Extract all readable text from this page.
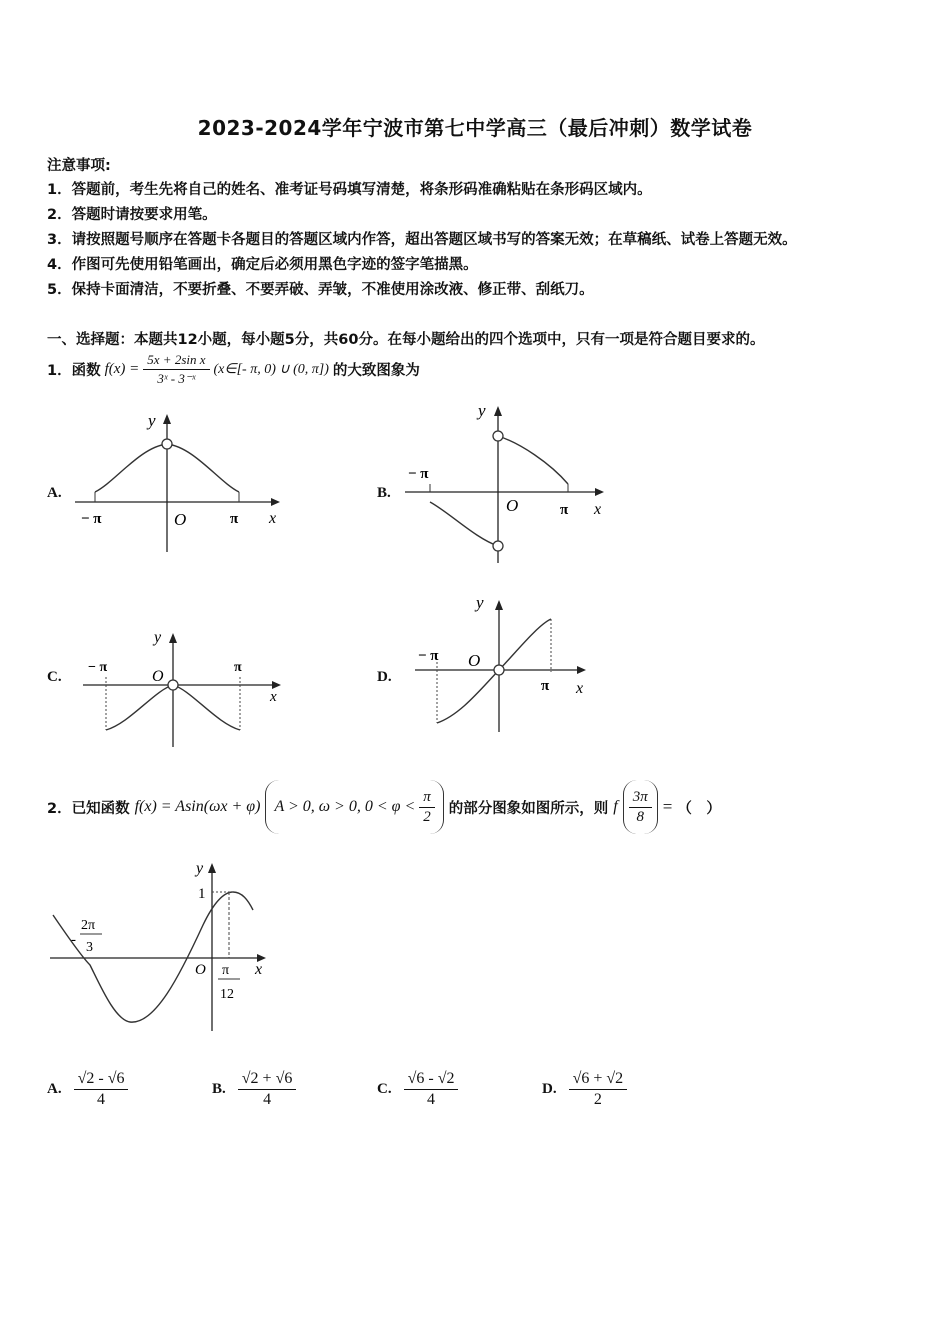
2023-2024学年宁波市第七中学高三（最后冲刺）数学试卷
注意事项:
1．答题前，考生先将自己的姓名、准考证号码填写清楚，将条形码准确粘贴在条形码区域内。
2．答题时请按要求用笔。
3．请按照题号顺序在答题卡各题目的答题区域内作答，超出答题区域书写的答案无效；在草稿纸、试卷上答题无效。
4．作图可先使用铅笔画出，确定后必须用黑色字迹的签字笔描黑。
5．保持卡面清洁，不要折叠、不要弄破、弄皱，不准使用涂改液、修正带、刮纸刀。
一、选择题：本题共12小题，每小题5分，共60分。在每小题给出的四个选项中，只有一项是符合题目要求的。
1．函数 $f(x) = \frac{\text{5x + 2sin x}}{\text{3ˣ - 3⁻ˣ}}$ (x∈[- π, 0) ∪ (0, π]) 的大致图象为
A.	B.
C.	D.
y
O
− π	π x
y
O
− π
π x
y
O
− π	π
x
y
O
− π
π x
2．已知函数 f(x) = Asin(ωx + φ) A > 0, ω > 0, $0 < \varphi < \frac{\pi}{2}$ 的部分图象如图所示，则 f $\frac{3\pi}{8}$ = （　）
y
1
O	x
-
2π
3
π
12
A. $\frac{√2 - √6}{4}$	B. $\frac{√2 + √6}{4}$	C. $\frac{√6 - √2}{4}$	D. $\frac{√6 + √2}{2}$
